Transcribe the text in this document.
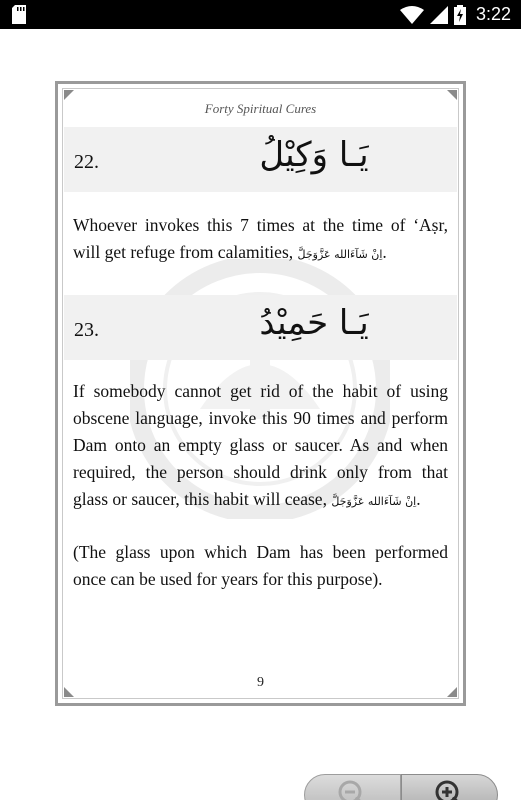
3:22
Forty Spiritual Cures
22.	يَـا وَكِيْلُ

Whoever invokes this 7 times at the time of ‘Aṣr, will get refuge from calamities, اِنْ شَآءَالله عَزَّوَجَلَّ.

23.	يَـا حَمِيْدُ

If somebody cannot get rid of the habit of using obscene language, invoke this 90 times and perform Dam onto an empty glass or saucer. As and when required, the person should drink only from that glass or saucer, this habit will cease, اِنْ شَآءَالله عَزَّوَجَلَّ.

(The glass upon which Dam has been performed once can be used for years for this purpose).

9
